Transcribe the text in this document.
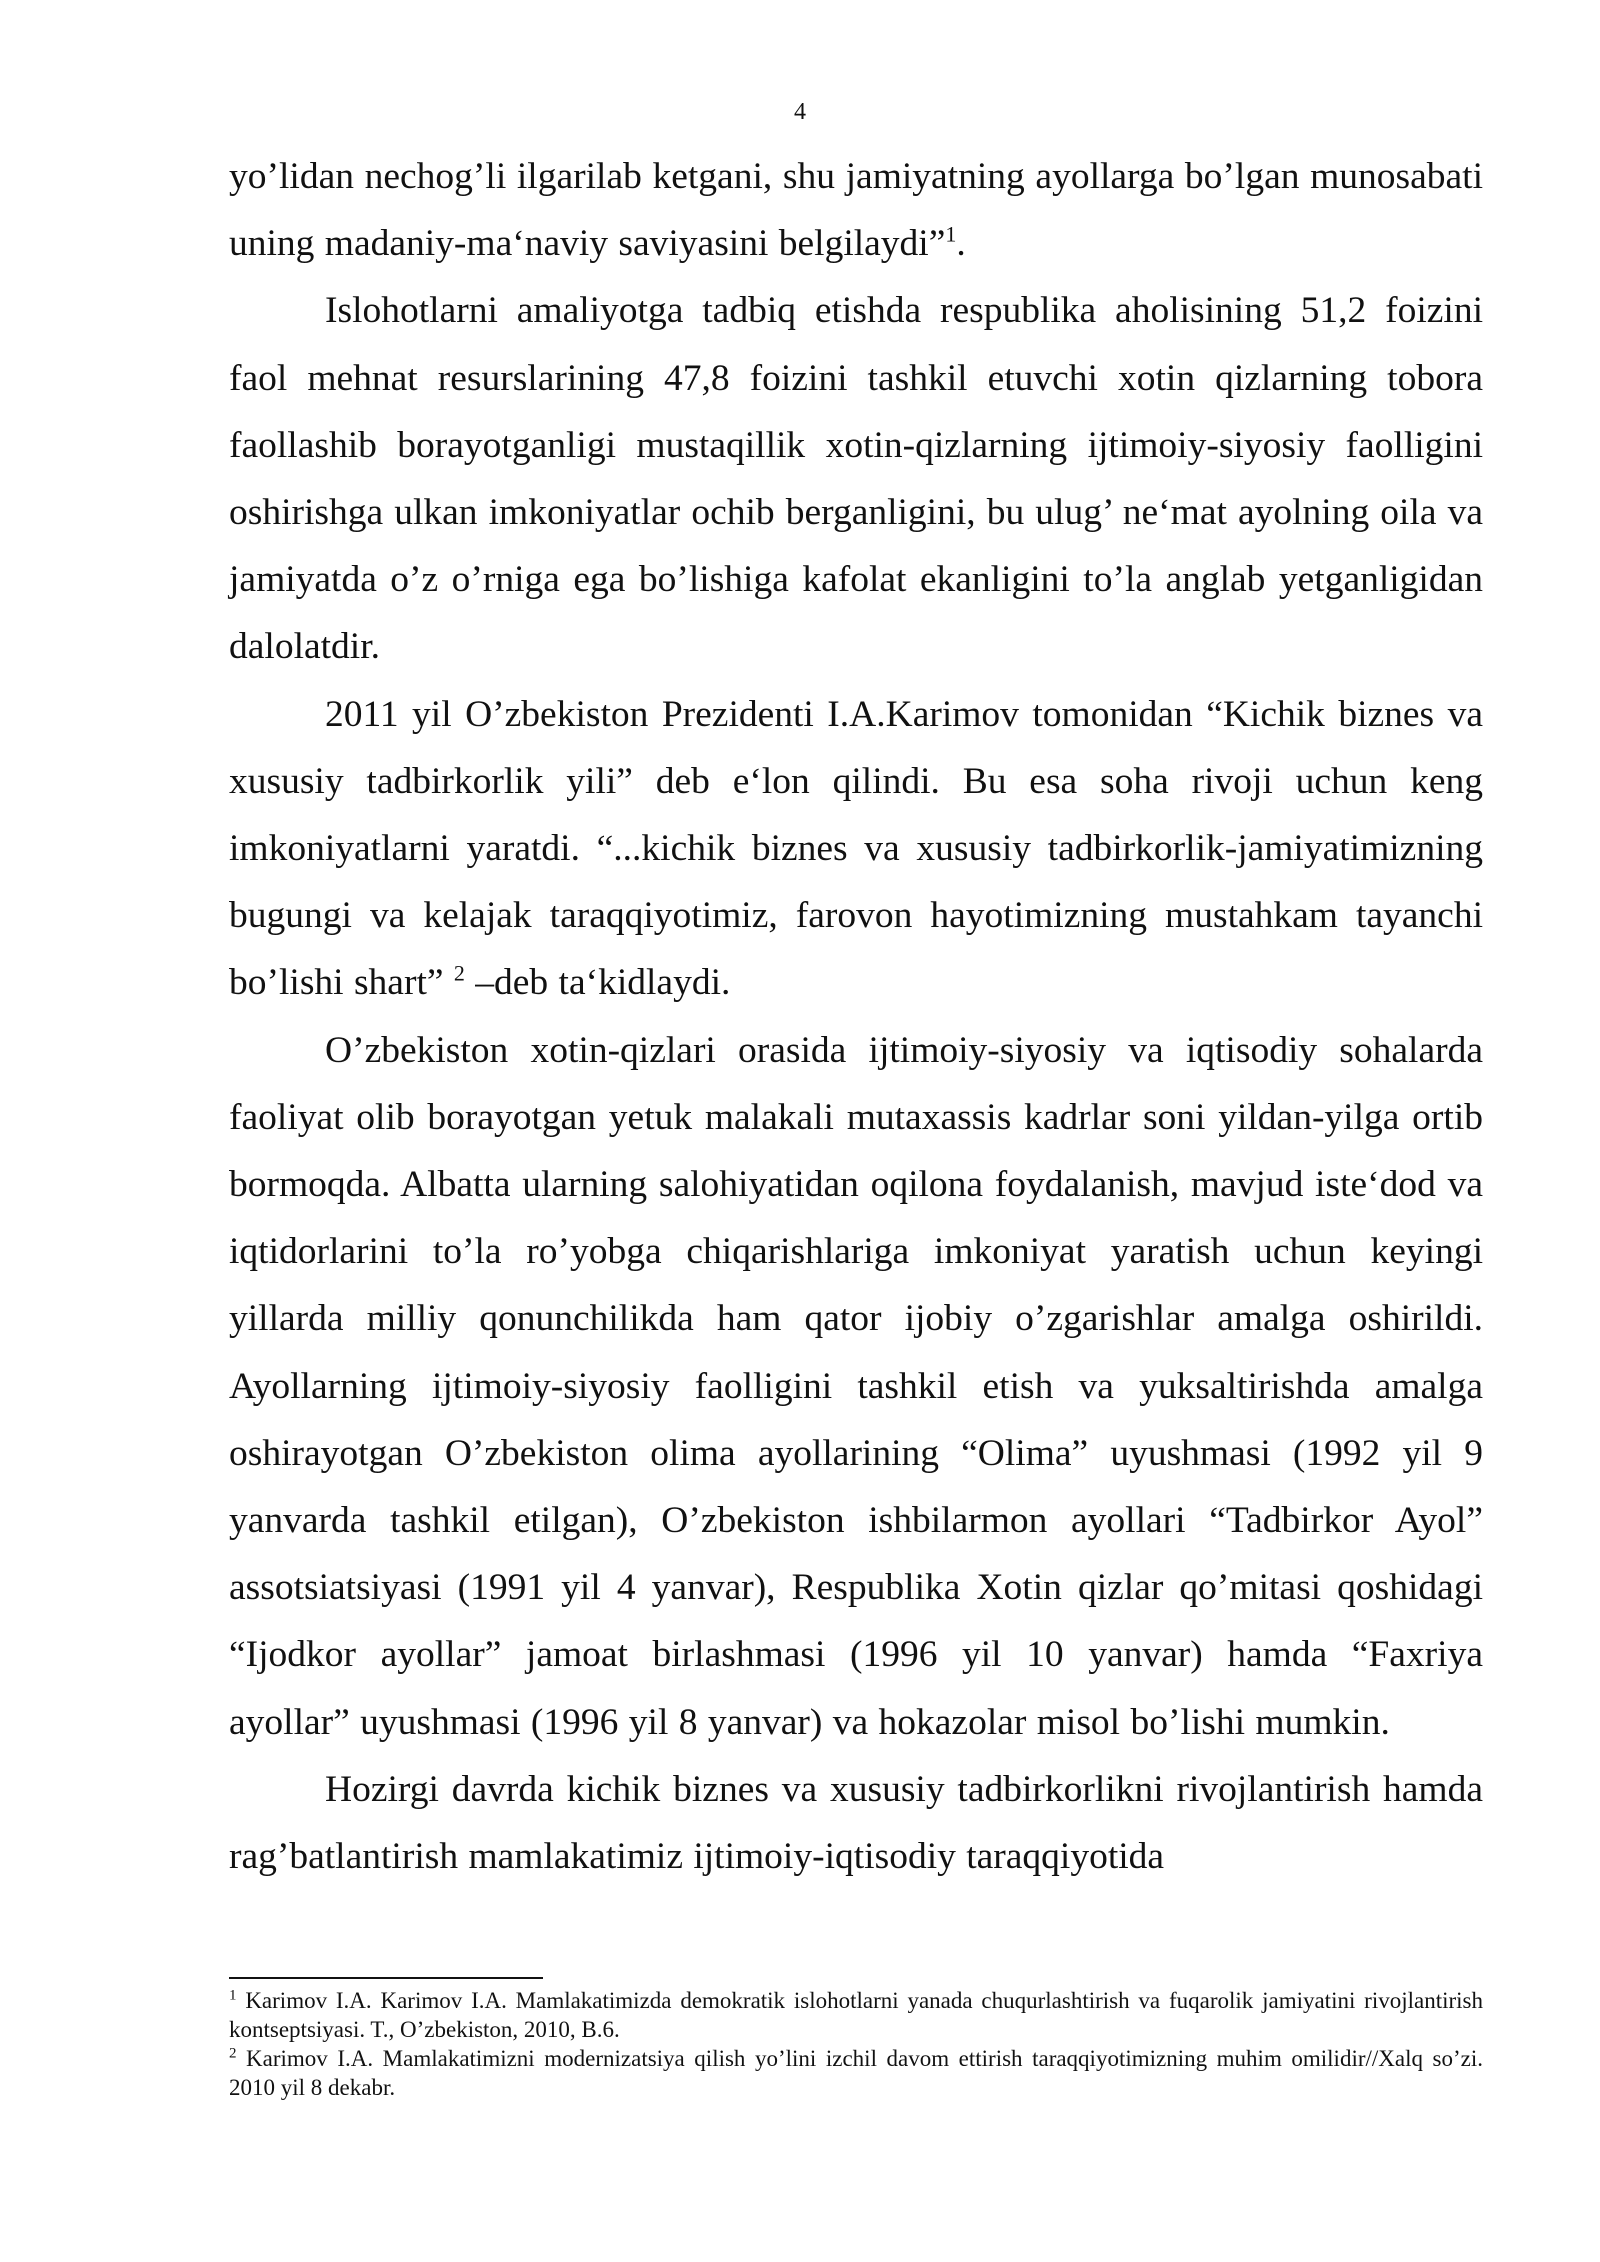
4

yo’lidan nechog’li ilgarilab ketgani, shu jamiyatning ayollarga bo’lgan munosabati uning madaniy-ma‘naviy saviyasini belgilaydi”$^1$.

Islohotlarni amaliyotga tadbiq etishda respublika aholisining 51,2 foizini faol mehnat resurslarining 47,8 foizini tashkil etuvchi xotin qizlarning tobora faollashib borayotganligi mustaqillik xotin-qizlarning ijtimoiy-siyosiy faolligini oshirishga ulkan imkoniyatlar ochib berganligini, bu ulug’ ne‘mat ayolning oila va jamiyatda o’z o’rniga ega bo’lishiga kafolat ekanligini to’la anglab yetganligidan dalolatdir.

2011 yil O’zbekiston Prezidenti I.A.Karimov tomonidan “Kichik biznes va xususiy tadbirkorlik yili” deb e‘lon qilindi. Bu esa soha rivoji uchun keng imkoniyatlarni yaratdi. “...kichik biznes va xususiy tadbirkorlik-jamiyatimizning bugungi va kelajak taraqqiyotimiz, farovon hayotimizning mustahkam tayanchi bo’lishi shart” $^2$ –deb ta‘kidlaydi.

O’zbekiston xotin-qizlari orasida ijtimoiy-siyosiy va iqtisodiy sohalarda faoliyat olib borayotgan yetuk malakali mutaxassis kadrlar soni yildan-yilga ortib bormoqda. Albatta ularning salohiyatidan oqilona foydalanish, mavjud iste‘dod va iqtidorlarini to’la ro’yobga chiqarishlariga imkoniyat yaratish uchun keyingi yillarda milliy qonunchilikda ham qator ijobiy o’zgarishlar amalga oshirildi. Ayollarning ijtimoiy-siyosiy faolligini tashkil etish va yuksaltirishda amalga oshirayotgan O’zbekiston olima ayollarining “Olima” uyushmasi (1992 yil 9 yanvarda tashkil etilgan), O’zbekiston ishbilarmon ayollari “Tadbirkor Ayol” assotsiatsiyasi (1991 yil 4 yanvar), Respublika Xotin qizlar qo’mitasi qoshidagi “Ijodkor ayollar” jamoat birlashmasi (1996 yil 10 yanvar) hamda “Faxriya ayollar” uyushmasi (1996 yil 8 yanvar) va hokazolar misol bo’lishi mumkin.

Hozirgi davrda kichik biznes va xususiy tadbirkorlikni rivojlantirish hamda rag’batlantirish mamlakatimiz ijtimoiy-iqtisodiy taraqqiyotida

$^1$ Karimov I.A. Karimov I.A. Mamlakatimizda demokratik islohotlarni yanada chuqurlashtirish va fuqarolik jamiyatini rivojlantirish kontseptsiyasi. T., O’zbekiston, 2010, B.6.

$^2$ Karimov I.A. Mamlakatimizni modernizatsiya qilish yo’lini izchil davom ettirish taraqqiyotimizning muhim omilidir//Xalq so’zi. 2010 yil 8 dekabr.
